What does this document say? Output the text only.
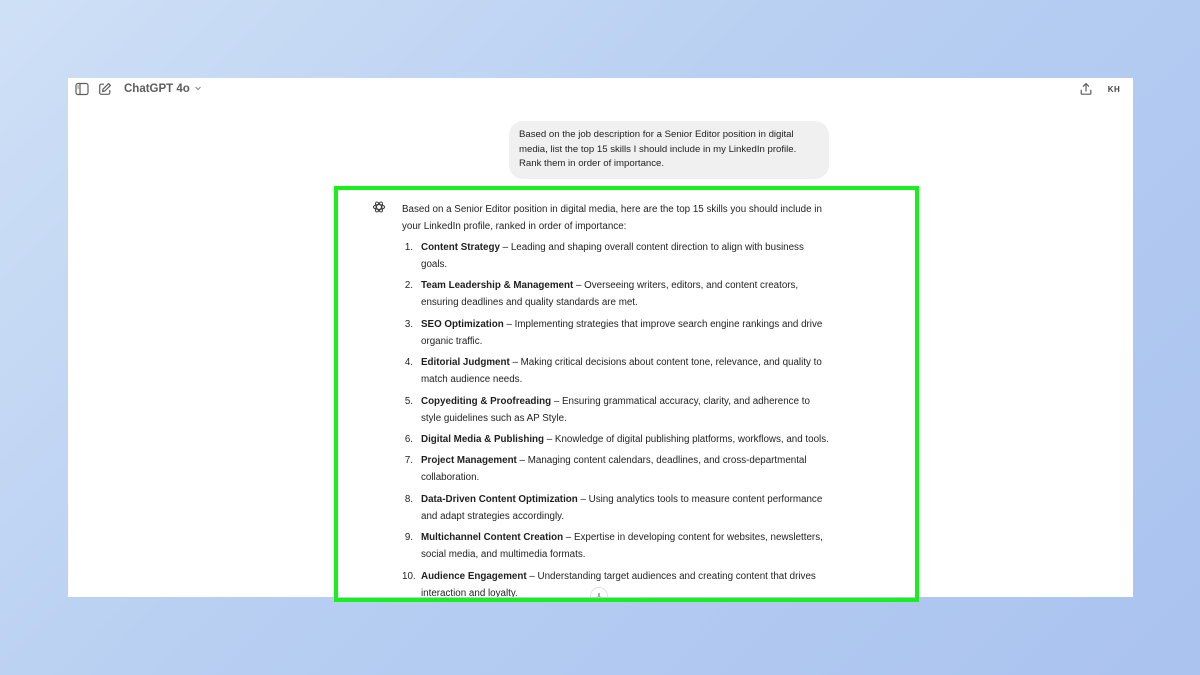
ChatGPT 4o	KH
Based on the job description for a Senior Editor position in digital media, list the top 15 skills I should include in my LinkedIn profile. Rank them in order of importance.
Based on a Senior Editor position in digital media, here are the top 15 skills you should include in your LinkedIn profile, ranked in order of importance:
1. Content Strategy – Leading and shaping overall content direction to align with business goals.
2. Team Leadership & Management – Overseeing writers, editors, and content creators, ensuring deadlines and quality standards are met.
3. SEO Optimization – Implementing strategies that improve search engine rankings and drive organic traffic.
4. Editorial Judgment – Making critical decisions about content tone, relevance, and quality to match audience needs.
5. Copyediting & Proofreading – Ensuring grammatical accuracy, clarity, and adherence to style guidelines such as AP Style.
6. Digital Media & Publishing – Knowledge of digital publishing platforms, workflows, and tools.
7. Project Management – Managing content calendars, deadlines, and cross-departmental collaboration.
8. Data-Driven Content Optimization – Using analytics tools to measure content performance and adapt strategies accordingly.
9. Multichannel Content Creation – Expertise in developing content for websites, newsletters, social media, and multimedia formats.
10. Audience Engagement – Understanding target audiences and creating content that drives interaction and loyalty.
